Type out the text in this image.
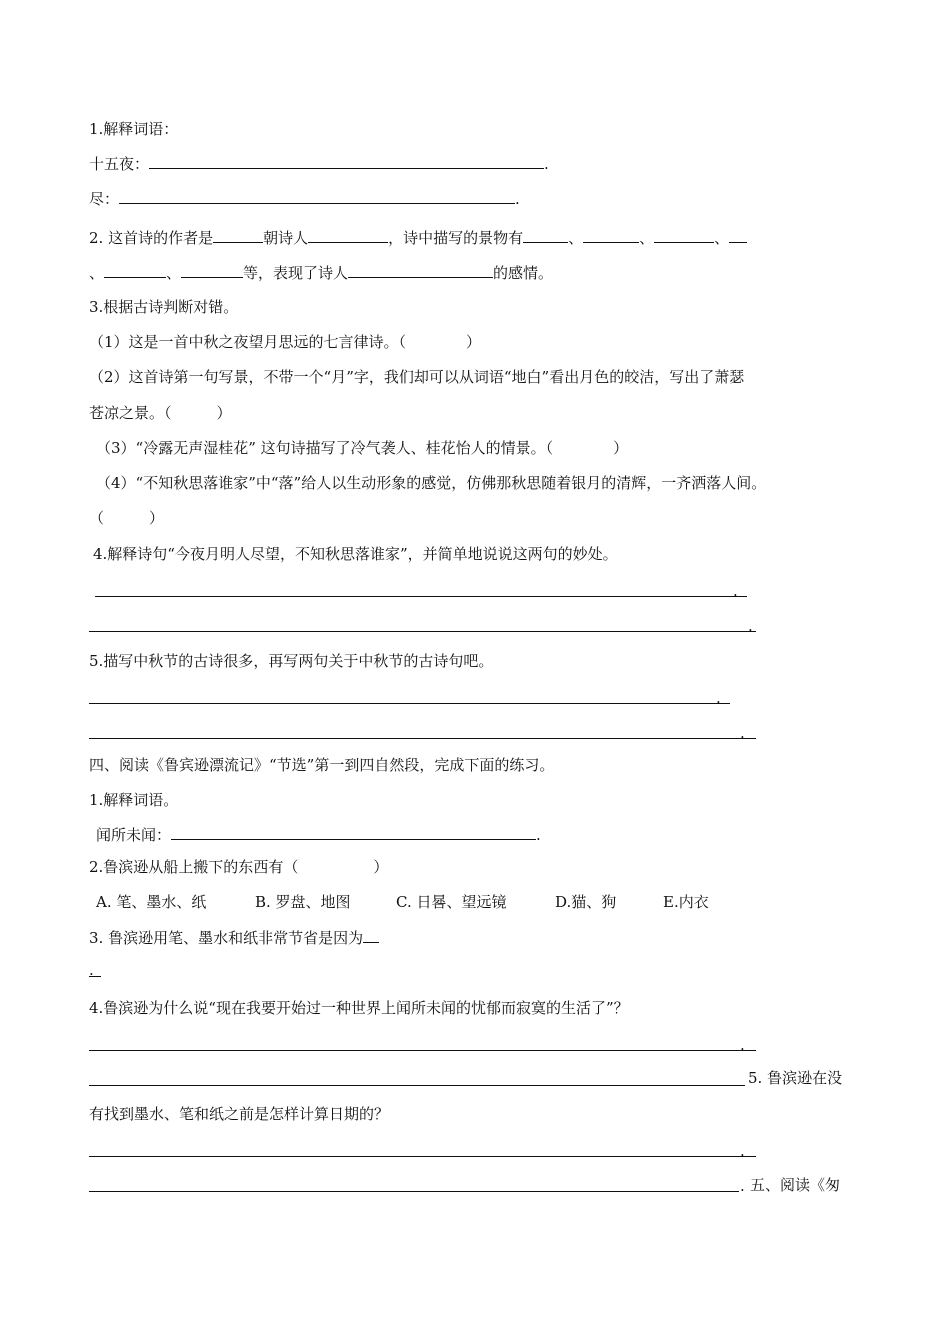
1.解释词语：
十五夜：	.
尽：	.
2. 这首诗的作者是	朝诗人	，诗中描写的景物有	、	、	、
、	、	等，表现了诗人	的感情。
3.根据古诗判断对错。
（1）这是一首中秋之夜望月思远的七言律诗。（　　　　）
（2）这首诗第一句写景，不带一个“月”字，我们却可以从词语“地白”看出月色的皎洁，写出了萧瑟
苍凉之景。（　　　）
（3）“冷露无声湿桂花” 这句诗描写了冷气袭人、桂花怡人的情景。（　　　　）
（4）“不知秋思落谁家”中“落”给人以生动形象的感觉，仿佛那秋思随着银月的清辉，一齐洒落人间。
（　　　）
4.解释诗句“今夜月明人尽望，不知秋思落谁家”，并简单地说说这两句的妙处。
.
.
5.描写中秋节的古诗很多，再写两句关于中秋节的古诗句吧。
.
.
四、阅读《鲁宾逊漂流记》“节选”第一到四自然段，完成下面的练习。
1.解释词语。
闻所未闻：	.
2.鲁滨逊从船上搬下的东西有（　　　　　）
A. 笔、墨水、纸	B. 罗盘、地图	C. 日晷、望远镜	D.猫、狗	E.内衣
3. 鲁滨逊用笔、墨水和纸非常节省是因为
.
4.鲁滨逊为什么说“现在我要开始过一种世界上闻所未闻的忧郁而寂寞的生活了”？
.
5. 鲁滨逊在没
有找到墨水、笔和纸之前是怎样计算日期的？
.
. 五、阅读《匆
